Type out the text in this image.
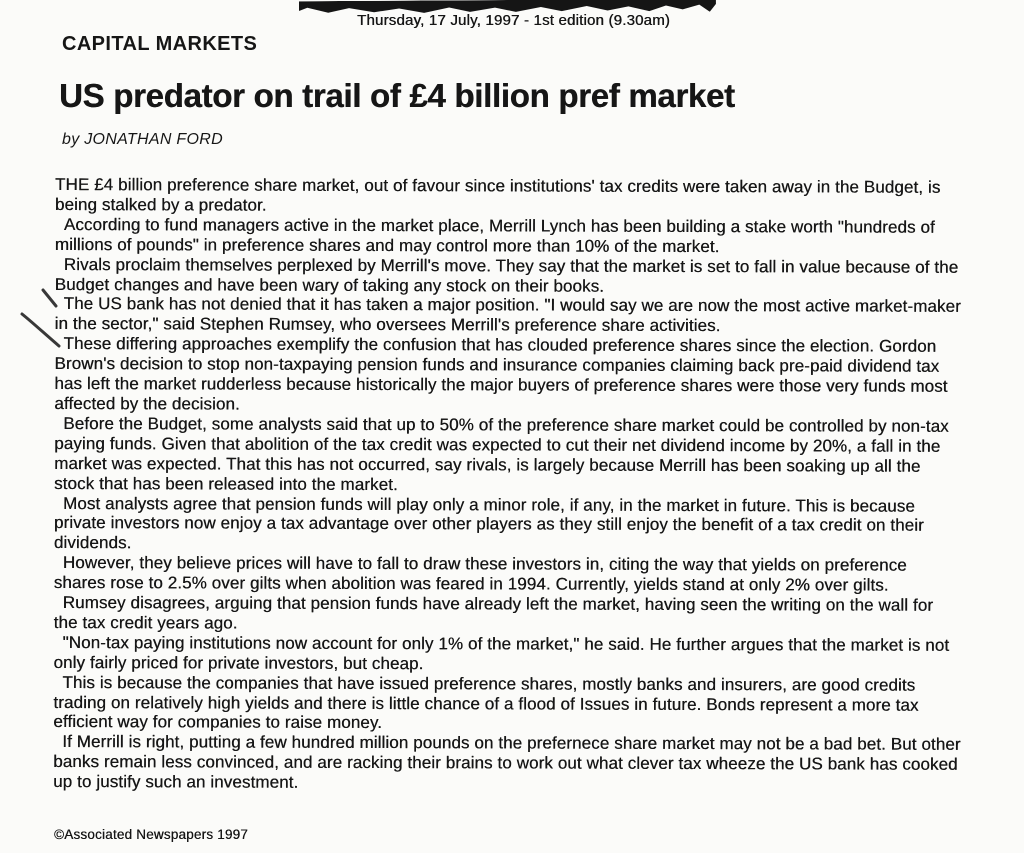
Thursday, 17 July, 1997 - 1st edition (9.30am)
CAPITAL MARKETS
US predator on trail of £4 billion pref market
by JONATHAN FORD

THE £4 billion preference share market, out of favour since institutions' tax credits were taken away in the Budget, is being stalked by a predator.

According to fund managers active in the market place, Merrill Lynch has been building a stake worth "hundreds of millions of pounds" in preference shares and may control more than 10% of the market.

Rivals proclaim themselves perplexed by Merrill's move. They say that the market is set to fall in value because of the Budget changes and have been wary of taking any stock on their books.

The US bank has not denied that it has taken a major position. "I would say we are now the most active market-maker in the sector," said Stephen Rumsey, who oversees Merrill's preference share activities.

These differing approaches exemplify the confusion that has clouded preference shares since the election. Gordon Brown's decision to stop non-taxpaying pension funds and insurance companies claiming back pre-paid dividend tax has left the market rudderless because historically the major buyers of preference shares were those very funds most affected by the decision.

Before the Budget, some analysts said that up to 50% of the preference share market could be controlled by non-tax paying funds. Given that abolition of the tax credit was expected to cut their net dividend income by 20%, a fall in the market was expected. That this has not occurred, say rivals, is largely because Merrill has been soaking up all the stock that has been released into the market.

Most analysts agree that pension funds will play only a minor role, if any, in the market in future. This is because private investors now enjoy a tax advantage over other players as they still enjoy the benefit of a tax credit on their dividends.

However, they believe prices will have to fall to draw these investors in, citing the way that yields on preference shares rose to 2.5% over gilts when abolition was feared in 1994. Currently, yields stand at only 2% over gilts.

Rumsey disagrees, arguing that pension funds have already left the market, having seen the writing on the wall for the tax credit years ago.

"Non-tax paying institutions now account for only 1% of the market," he said. He further argues that the market is not only fairly priced for private investors, but cheap.

This is because the companies that have issued preference shares, mostly banks and insurers, are good credits trading on relatively high yields and there is little chance of a flood of Issues in future. Bonds represent a more tax efficient way for companies to raise money.

If Merrill is right, putting a few hundred million pounds on the prefernece share market may not be a bad bet. But other banks remain less convinced, and are racking their brains to work out what clever tax wheeze the US bank has cooked up to justify such an investment.

©Associated Newspapers 1997
